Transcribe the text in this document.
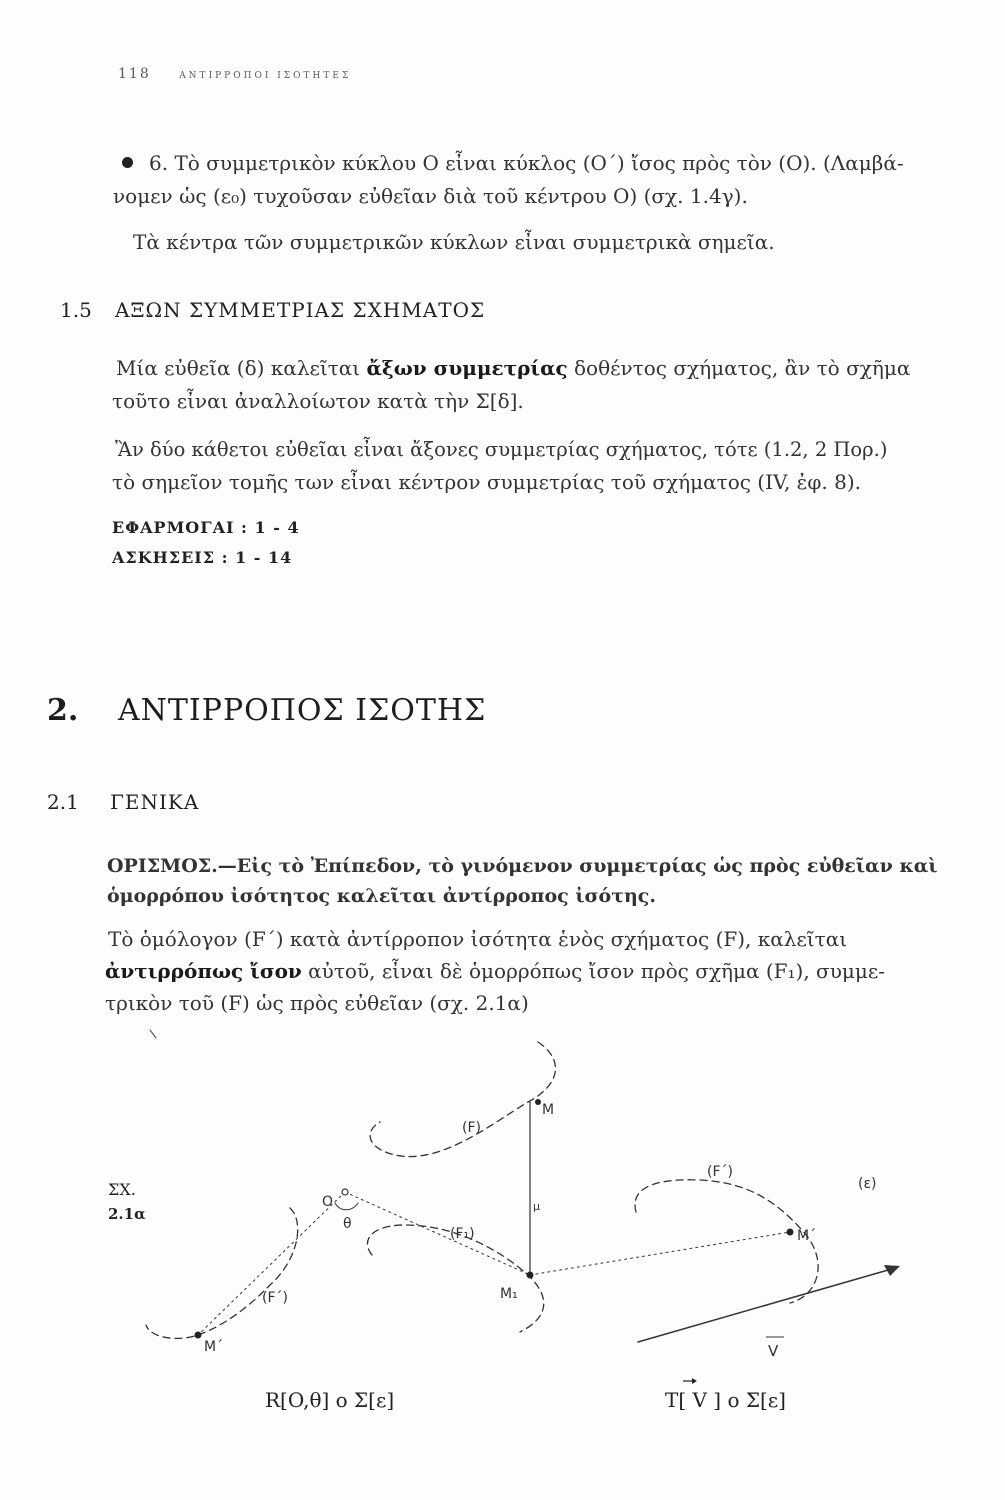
118	ΑΝΤΙΡΡΟΠΟΙ ΙΣΟΤΗΤΕΣ
6. Τὸ συμμετρικὸν κύκλου O εἶναι κύκλος (O΄) ἴσος πρὸς τὸν (O). (Λαμβά-
νομεν ὡς (ε₀) τυχοῦσαν εὐθεῖαν διὰ τοῦ κέντρου O) (σχ. 1.4γ).
Τὰ κέντρα τῶν συμμετρικῶν κύκλων εἶναι συμμετρικὰ σημεῖα.
1.5 ΑΞΩΝ ΣΥΜΜΕΤΡΙΑΣ ΣΧΗΜΑΤΟΣ
Μία εὐθεῖα (δ) καλεῖται ἄξων συμμετρίας δοθέντος σχήματος, ἂν τὸ σχῆμα
τοῦτο εἶναι ἀναλλοίωτον κατὰ τὴν Σ[δ].
Ἂν δύο κάθετοι εὐθεῖαι εἶναι ἄξονες συμμετρίας σχήματος, τότε (1.2, 2 Πορ.)
τὸ σημεῖον τομῆς των εἶναι κέντρον συμμετρίας τοῦ σχήματος (IV, ἐφ. 8).
ΕΦΑΡΜΟΓΑΙ : 1 - 4
ΑΣΚΗΣΕΙΣ : 1 - 14
2. ΑΝΤΙΡΡΟΠΟΣ ΙΣΟΤΗΣ
2.1 ΓΕΝΙΚΑ
ΟΡΙΣΜΟΣ.—Εἰς τὸ Ἐπίπεδον, τὸ γινόμενον συμμετρίας ὡς πρὸς εὐθεῖαν καὶ
ὁμορρόπου ἰσότητος καλεῖται ἀντίρροπος ἰσότης.
Τὸ ὁμόλογον (F΄) κατὰ ἀντίρροπον ἰσότητα ἑνὸς σχήματος (F), καλεῖται
ἀντιρρόπως ἴσον αὐτοῦ, εἶναι δὲ ὁμορρόπως ἴσον πρὸς σχῆμα (F₁), συμμε-
τρικὸν τοῦ (F) ὡς πρὸς εὐθεῖαν (σχ. 2.1α)
M
(F)
(F΄)
(ε)
O
θ
μ
(F₁)
M₁
M΄
(F΄)
M΄	V
ΣΧ.
2.1α
R[O,θ] ο Σ[ε]	T[ V ] ο Σ[ε]
